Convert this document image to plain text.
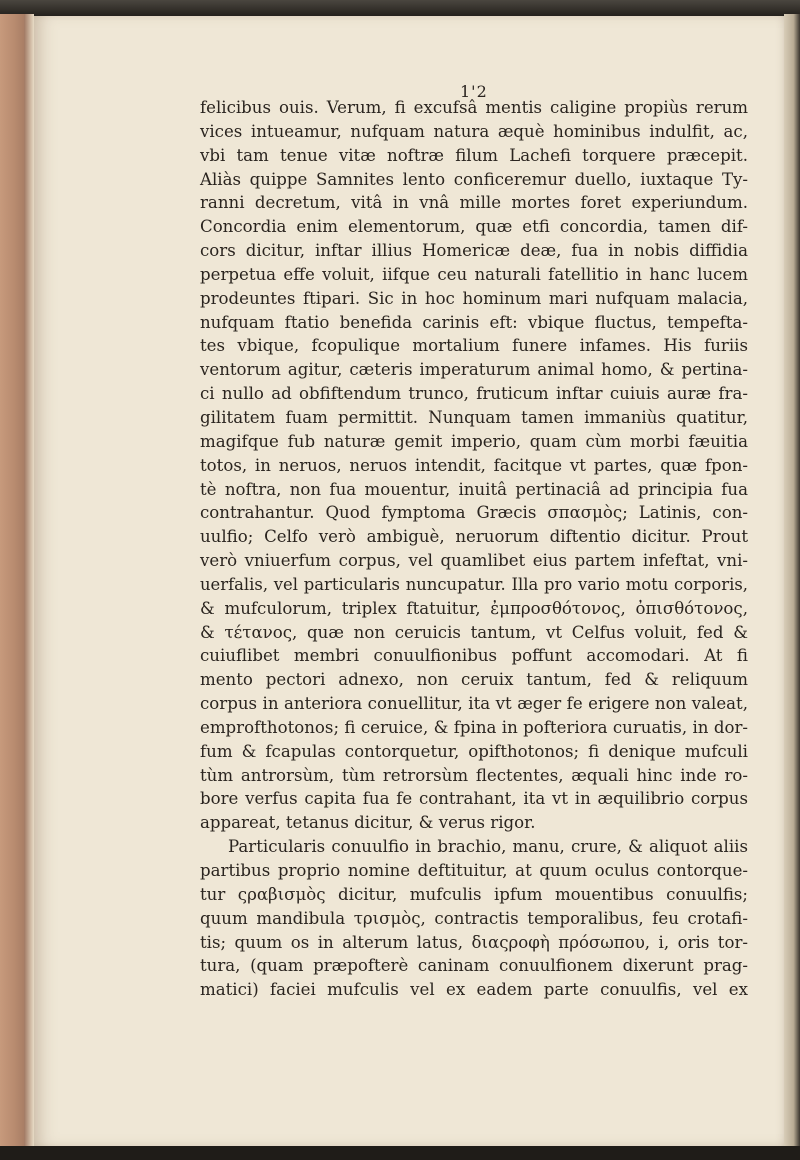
1'2
felicibus ouis. Verum, fi excufsâ mentis caligine propiùs rerum
vices intueamur, nufquam natura æquè hominibus indulfit, ac,
vbi tam tenue vitæ noftræ filum Lachefi torquere præcepit.
Aliàs quippe Samnites lento conficeremur duello, iuxtaque Ty-
ranni decretum, vitâ in vnâ mille mortes foret experiundum.
Concordia enim elementorum, quæ etfi concordia, tamen dif-
cors dicitur, inftar illius Homericæ deæ, fua in nobis diffidia
perpetua effe voluit, iifque ceu naturali fatellitio in hanc lucem
prodeuntes ftipari. Sic in hoc hominum mari nufquam malacia,
nufquam ftatio benefida carinis eft: vbique fluctus, tempefta-
tes vbique, fcopulique mortalium funere infames. His furiis
ventorum agitur, cæteris imperaturum animal homo, & pertina-
ci nullo ad obfiftendum trunco, fruticum inftar cuiuis auræ fra-
gilitatem fuam permittit. Nunquam tamen immaniùs quatitur,
magifque fub naturæ gemit imperio, quam cùm morbi fæuitia
totos, in neruos, neruos intendit, facitque vt partes, quæ fpon-
tè noftra, non fua mouentur, inuitâ pertinaciâ ad principia fua
contrahantur. Quod fymptoma Græcis σπασμὸς; Latinis, con-
uulfio; Celfo verò ambiguè, neruorum diftentio dicitur. Prout
verò vniuerfum corpus, vel quamlibet eius partem infeftat, vni-
uerfalis, vel particularis nuncupatur. Illa pro vario motu corporis,
& mufculorum, triplex ftatuitur, ἐμπροσθότονος, ὀπισθότονος,
& τέτανος, quæ non ceruicis tantum, vt Celfus voluit, fed &
cuiuflibet membri conuulfionibus poffunt accomodari. At fi
mento pectori adnexo, non ceruix tantum, fed & reliquum
corpus in anteriora conuellitur, ita vt æger fe erigere non valeat,
emprofthotonos; fi ceruice, & fpina in pofteriora curuatis, in dor-
fum & fcapulas contorquetur, opifthotonos; fi denique mufculi
tùm antrorsùm, tùm retrorsùm flectentes, æquali hinc inde ro-
bore verfus capita fua fe contrahant, ita vt in æquilibrio corpus
appareat, tetanus dicitur, & verus rigor.
Particularis conuulfio in brachio, manu, crure, & aliquot aliis
partibus proprio nomine deftituitur, at quum oculus contorque-
tur ςραβισμὸς dicitur, mufculis ipfum mouentibus conuulfis;
quum mandibula τρισμὸς, contractis temporalibus, feu crotafi-
tis; quum os in alterum latus, διαςροφὴ πρόσωπου, i, oris tor-
tura, (quam præpofterè caninam conuulfionem dixerunt prag-
matici) faciei mufculis vel ex eadem parte conuulfis, vel ex
